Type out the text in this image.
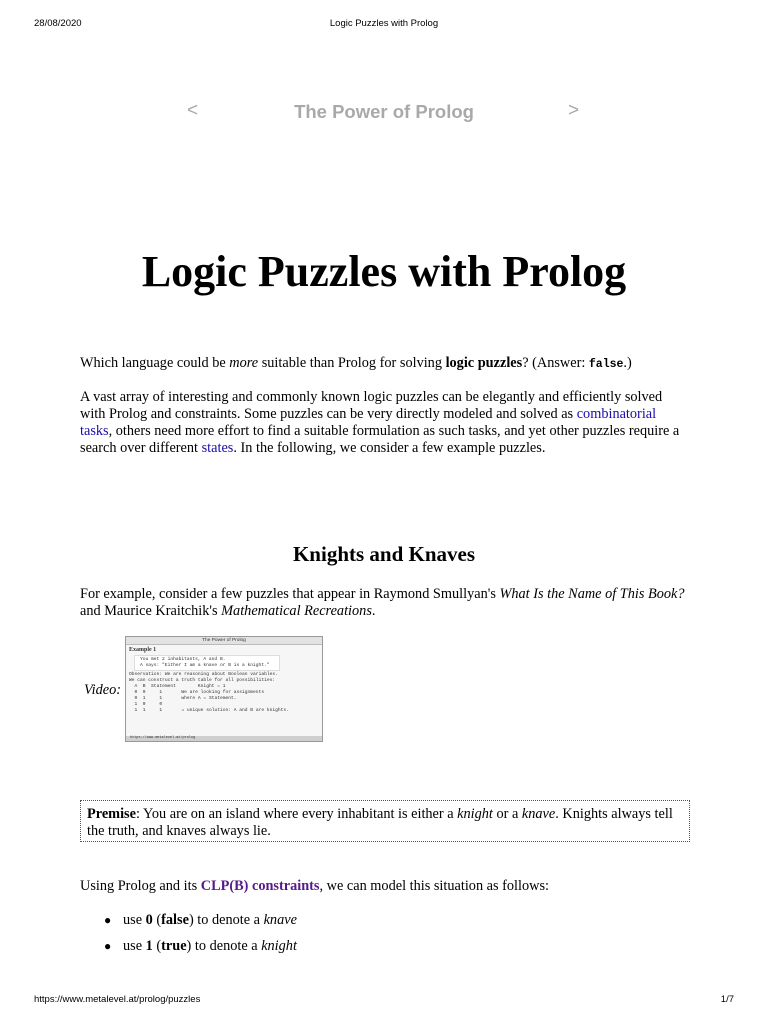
28/08/2020	Logic Puzzles with Prolog
<	The Power of Prolog	>
Logic Puzzles with Prolog

Which language could be more suitable than Prolog for solving logic puzzles? (Answer: false.)

A vast array of interesting and commonly known logic puzzles can be elegantly and efficiently solved with Prolog and constraints. Some puzzles can be very directly modeled and solved as combinatorial tasks, others need more effort to find a suitable formulation as such tasks, and yet other puzzles require a search over different states. In the following, we consider a few example puzzles.

Knights and Knaves

For example, consider a few puzzles that appear in Raymond Smullyan's What Is the Name of This Book? and Maurice Kraitchik's Mathematical Recreations.

Video:
The Power of Prolog
Example 1
You met 2 inhabitants, A and B.
A says: "Either I am a knave or B is a knight."
Observation: We are reasoning about Boolean variables.
We can construct a truth table for all possibilities:
A  B  Statement        Knight = 1
0  0     1       We are looking for assignments
0  1     1       where A = Statement.
1  0     0
1  1     1       ⇒ unique solution: A and B are knights.
https://www.metalevel.at/prolog
Premise: You are on an island where every inhabitant is either a knight or a knave. Knights always tell the truth, and knaves always lie.

Using Prolog and its CLP(B) constraints, we can model this situation as follows:

● use 0 (false) to denote a knave
● use 1 (true) to denote a knight
https://www.metalevel.at/prolog/puzzles	1/7
